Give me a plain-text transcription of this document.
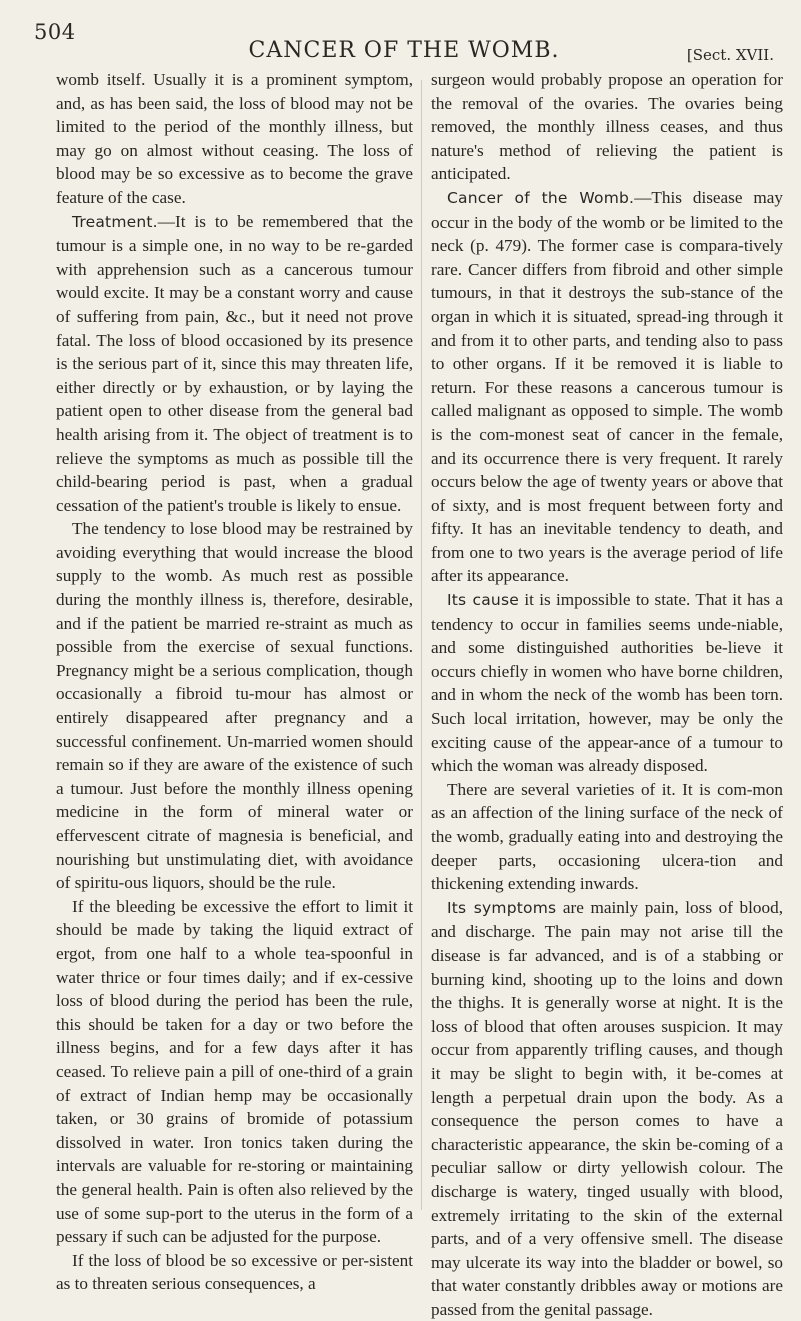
504
CANCER OF THE WOMB.	[Sect. XVII.

womb itself. Usually it is a prominent symptom, and, as has been said, the loss of blood may not be limited to the period of the monthly illness, but may go on almost without ceasing. The loss of blood may be so excessive as to become the grave feature of the case.

Treatment.—It is to be remembered that the tumour is a simple one, in no way to be re-garded with apprehension such as a cancerous tumour would excite. It may be a constant worry and cause of suffering from pain, &c., but it need not prove fatal. The loss of blood occasioned by its presence is the serious part of it, since this may threaten life, either directly or by exhaustion, or by laying the patient open to other disease from the general bad health arising from it. The object of treatment is to relieve the symptoms as much as possible till the child-bearing period is past, when a gradual cessation of the patient's trouble is likely to ensue.

The tendency to lose blood may be restrained by avoiding everything that would increase the blood supply to the womb. As much rest as possible during the monthly illness is, therefore, desirable, and if the patient be married re-straint as much as possible from the exercise of sexual functions. Pregnancy might be a serious complication, though occasionally a fibroid tu-mour has almost or entirely disappeared after pregnancy and a successful confinement. Un-married women should remain so if they are aware of the existence of such a tumour. Just before the monthly illness opening medicine in the form of mineral water or effervescent citrate of magnesia is beneficial, and nourishing but unstimulating diet, with avoidance of spiritu-ous liquors, should be the rule.

If the bleeding be excessive the effort to limit it should be made by taking the liquid extract of ergot, from one half to a whole tea-spoonful in water thrice or four times daily; and if ex-cessive loss of blood during the period has been the rule, this should be taken for a day or two before the illness begins, and for a few days after it has ceased. To relieve pain a pill of one-third of a grain of extract of Indian hemp may be occasionally taken, or 30 grains of bromide of potassium dissolved in water. Iron tonics taken during the intervals are valuable for re-storing or maintaining the general health. Pain is often also relieved by the use of some sup-port to the uterus in the form of a pessary if such can be adjusted for the purpose.

If the loss of blood be so excessive or per-sistent as to threaten serious consequences, a

surgeon would probably propose an operation for the removal of the ovaries. The ovaries being removed, the monthly illness ceases, and thus nature's method of relieving the patient is anticipated.

Cancer of the Womb.—This disease may occur in the body of the womb or be limited to the neck (p. 479). The former case is compara-tively rare. Cancer differs from fibroid and other simple tumours, in that it destroys the sub-stance of the organ in which it is situated, spread-ing through it and from it to other parts, and tending also to pass to other organs. If it be removed it is liable to return. For these reasons a cancerous tumour is called malignant as opposed to simple. The womb is the com-monest seat of cancer in the female, and its occurrence there is very frequent. It rarely occurs below the age of twenty years or above that of sixty, and is most frequent between forty and fifty. It has an inevitable tendency to death, and from one to two years is the average period of life after its appearance.

Its cause it is impossible to state. That it has a tendency to occur in families seems unde-niable, and some distinguished authorities be-lieve it occurs chiefly in women who have borne children, and in whom the neck of the womb has been torn. Such local irritation, however, may be only the exciting cause of the appear-ance of a tumour to which the woman was already disposed.

There are several varieties of it. It is com-mon as an affection of the lining surface of the neck of the womb, gradually eating into and destroying the deeper parts, occasioning ulcera-tion and thickening extending inwards.

Its symptoms are mainly pain, loss of blood, and discharge. The pain may not arise till the disease is far advanced, and is of a stabbing or burning kind, shooting up to the loins and down the thighs. It is generally worse at night. It is the loss of blood that often arouses suspicion. It may occur from apparently trifling causes, and though it may be slight to begin with, it be-comes at length a perpetual drain upon the body. As a consequence the person comes to have a characteristic appearance, the skin be-coming of a peculiar sallow or dirty yellowish colour. The discharge is watery, tinged usually with blood, extremely irritating to the skin of the external parts, and of a very offensive smell. The disease may ulcerate its way into the bladder or bowel, so that water constantly dribbles away or motions are passed from the genital passage.
